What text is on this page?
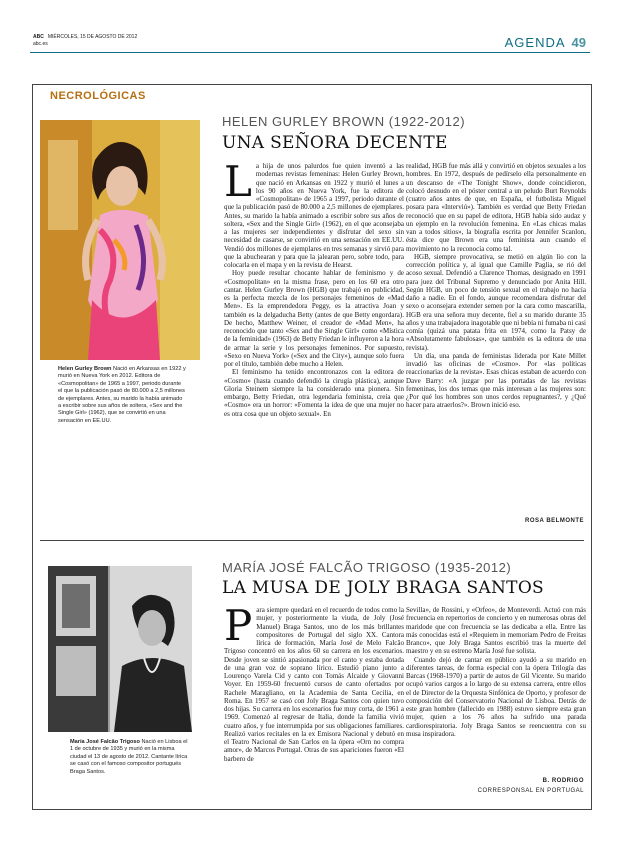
ABC MIÉRCOLES, 15 DE AGOSTO DE 2012
abc.es	AGENDA 49
NECROLÓGICAS
Helen Gurley Brown Nació en Arkansas en 1922 y murió en Nueva York en 2012. Editora de «Cosmopolitan» de 1965 a 1997, periodo durante el que la publicación pasó de 80.000 a 2,5 millones de ejemplares. Antes, su marido la había animado a escribir sobre sus años de soltera, «Sex and the Single Girl» (1962), que se convirtió en una sensación en EE.UU.
HELEN GURLEY BROWN (1922-2012)
UNA SEÑORA DECENTE
L a hija de unos palurdos fue quien inventó a las modernas revistas femeninas: Helen Gurley Brown, que nació en Arkansas en 1922 y murió el lunes a los 90 años en Nueva York, fue la editora de «Cosmopolitan» de 1965 a 1997, periodo durante el que la publicación pasó de 80.000 a 2,5 millones de ejemplares. Antes, su marido la había animado a escribir sobre sus años de soltera, «Sex and the Single Girl» (1962), en el que aconsejaba a las mujeres ser independientes y disfrutar del sexo sin necesidad de casarse, se convirtió en una sensación en EE.UU. Vendió dos millones de ejemplares en tres semanas y sirvió para que la abuchearan y para que la jalearan pero, sobre todo, para colocarla en el mapa y en la revista de Hearst.

Hoy puede resultar chocante hablar de feminismo y de «Cosmopolitan» en la misma frase, pero en los 60 era otro cantar. Helen Gurley Brown (HGB) que trabajó en publicidad, es la perfecta mezcla de los personajes femeninos de «Mad Men». Es la emprendedora Peggy, es la atractiva Joan y también es la delgaducha Betty (antes de que Betty engordara). De hecho, Matthew Weiner, el creador de «Mad Men», ha reconocido que tanto «Sex and the Single Girl» como «Mística de la feminidad» (1963) de Betty Friedan le influyeron a la hora de armar la serie y los personajes femeninos. Por supuesto, «Sexo en Nueva York» («Sex and the City»), aunque solo fuera por el título, también debe mucho a Helen.

El feminismo ha tenido encontronazos con la editora de «Cosmo» (hasta cuando defendió la cirugía plástica), aunque Gloria Steinem siempre la ha considerado una pionera. Sin embargo, Betty Friedan, otra legendaria feminista, creía que «Cosmo» era un horror: «Fomenta la idea de que una mujer no es otra cosa que un objeto sexual». En

realidad, HGB fue más allá y convirtió en objetos sexuales a los hombres. En 1972, después de pedírselo ella personalmente en un descanso de «The Tonight Show», donde coincidieron, colocó desnudo en el póster central a un peludo Burt Reynolds (cuatro años antes de que, en España, el futbolista Miguel posara para «Interviú»). También es verdad que Betty Friedan reconoció que en su papel de editora, HGB había sido audaz y un ejemplo en la revolución femenina. En «Las chicas malas van a todos sitios», la biografía escrita por Jennifer Scanlon, ésta dice que Brown era una feminista aun cuando el movimiento no la reconocía como tal.

HGB, siempre provocativa, se metió en algún lío con la corrección política y, al igual que Camille Paglia, se rió del acoso sexual. Defendió a Clarence Thomas, designado en 1991 para juez del Tribunal Supremo y denunciado por Anita Hill. Según HGB, un poco de tensión sexual en el trabajo no hacía daño a nadie. En el fondo, aunque recomendara disfrutar del sexo o aconsejara extender semen por la cara como mascarilla, HGB era una señora muy decente, fiel a su marido durante 35 años y una trabajadora inagotable que ni bebía ni fumaba ni casi comía (quizá una patata frita en 1974, como la Patsy de «Absolutamente fabulosas», que también es la editora de una revista).

Un día, una panda de feministas liderada por Kate Millet invadió las oficinas de «Cosmo». Por «las políticas reaccionarias de la revista». Esas chicas estaban de acuerdo con Dave Barry: «A juzgar por las portadas de las revistas femeninas, los dos temas que más interesan a las mujeres son: ¿Por qué los hombres son unos cerdos repugnantes?, y ¿Qué hacer para atraerlos?». Brown inició eso.

ROSA BELMONTE
María José Falcão Trigoso Nació en Lisboa el 1 de octubre de 1935 y murió en la misma ciudad el 13 de agosto de 2012. Cantante lírica se casó con el famoso compositor portugués Braga Santos.
MARÍA JOSÉ FALCÃO TRIGOSO (1935-2012)
LA MUSA DE JOLY BRAGA SANTOS
P ara siempre quedará en el recuerdo de todos como la mujer, y posteriormente la viuda, de Joly (José Manuel) Braga Santos, uno de los más brillantes compositores de Portugal del siglo XX. Cantora lírica de formación, María José de Melo Falcão Trigoso concentró en los años 60 su carrera en los escenarios. Desde joven se sintió apasionada por el canto y estaba dotada de una gran voz de soprano lírico. Estudió piano junto a Lourenço Varela Cid y canto con Tomás Alcaide y Giovanni Voyer. En 1959-60 frecuentó cursos de canto ofertados por Rachele Maragliano, en la Academia de Santa Cecilia, en Roma. En 1957 se casó con Joly Braga Santos con quien tuvo dos hijas. Su carrera en los escenarios fue muy corta, de 1961 a 1969. Comenzó al regresar de Italia, donde la familia vivió cuatro años, y fue interrumpida por sus obligaciones familiares. Realizó varios recitales en la ex Emisora Nacional y debutó en el Teatro Nacional de San Carlos en la ópera «Orn no compra amor», de Marcos Portugal. Otras de sus apariciones fueron «El barbero de

Sevilla», de Rossini, y «Orfeo», de Monteverdi. Actuó con más frecuencia en repertorios de concierto y en numerosas obras del maridode que con frecuencia se las dedicaba a ella. Entre las más conocidas está el «Requiem in memoriam Pedro de Freitas Branco», que Joly Braga Santos escribió tras la muerte del maestro y en su estreno María José fue solista.

Cuando dejó de cantar en público ayudó a su marido en diferentes tareas, de forma especial con la ópera Trilogía das Barcas (1968-1970) a partir de autos de Gil Vicente. Su marido ocupó varios cargos a lo largo de su extensa carrera, entre ellos el de Director de la Orquesta Sinfónica de Oporto, y profesor de composición del Conservatorio Nacional de Lisboa. Detrás de este gran hombre (fallecido en 1988) estuvo siempre esta gran mujer, quien a los 76 años ha sufrido una parada cardiorespiratoria. Joly Braga Santos se reencuentra con su musa inspiradora.

B. RODRIGO
CORRESPONSAL EN PORTUGAL
